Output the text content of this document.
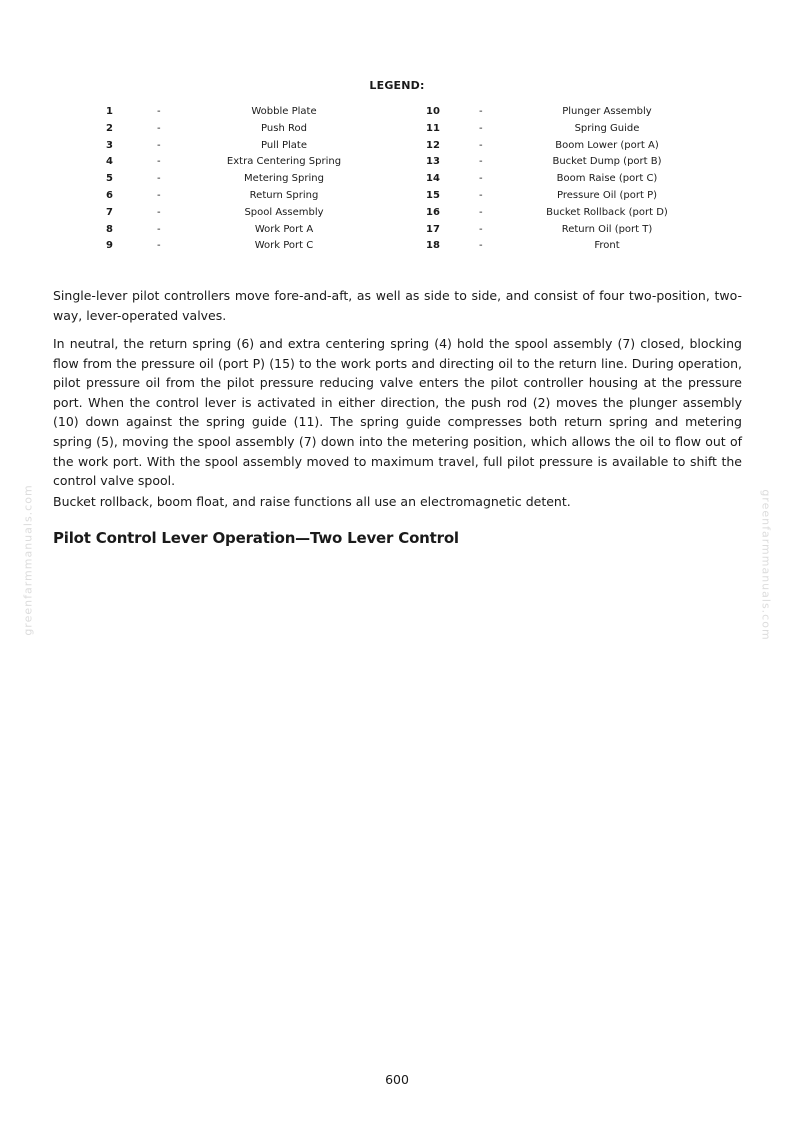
LEGEND:
1	-	Wobble Plate	10	-	Plunger Assembly
2	-	Push Rod	11	-	Spring Guide
3	-	Pull Plate	12	-	Boom Lower (port A)
4	-	Extra Centering Spring	13	-	Bucket Dump (port B)
5	-	Metering Spring	14	-	Boom Raise (port C)
6	-	Return Spring	15	-	Pressure Oil (port P)
7	-	Spool Assembly	16	-	Bucket Rollback (port D)
8	-	Work Port A	17	-	Return Oil (port T)
9	-	Work Port C	18	-	Front

Single-lever pilot controllers move fore-and-aft, as well as side to side, and consist of four two-position, two-way, lever-operated valves.

In neutral, the return spring (6) and extra centering spring (4) hold the spool assembly (7) closed, blocking flow from the pressure oil (port P) (15) to the work ports and directing oil to the return line. During operation, pilot pressure oil from the pilot pressure reducing valve enters the pilot controller housing at the pressure port. When the control lever is activated in either direction, the push rod (2) moves the plunger assembly (10) down against the spring guide (11). The spring guide compresses both return spring and metering spring (5), moving the spool assembly (7) down into the metering position, which allows the oil to flow out of the work port. With the spool assembly moved to maximum travel, full pilot pressure is available to shift the control valve spool.

Bucket rollback, boom float, and raise functions all use an electromagnetic detent.

Pilot Control Lever Operation—Two Lever Control
greenfarmmanuals.com	greenfarmmanuals.com
600
